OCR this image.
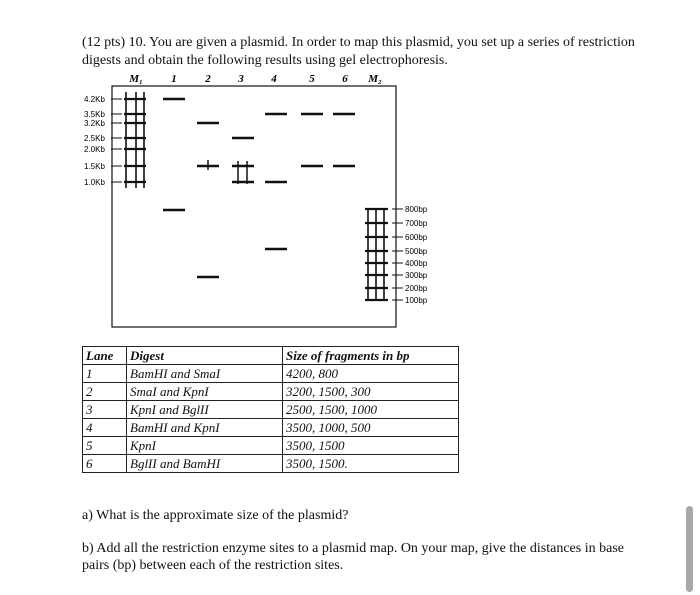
(12 pts) 10. You are given a plasmid. In order to map this plasmid, you set up a series of restriction digests and obtain the following results using gel electrophoresis.

M₁	1	2	3	4	5	6 M₂
4.2Kb
3.5Kb
3.2Kb
2.5Kb
2.0Kb
1.5Kb
1.0Kb
800bp
700bp
600bp
500bp
400bp
300bp
200bp
100bp
Lane	Digest	Size of fragments in bp
1	BamHI and SmaI	4200, 800
2	SmaI and KpnI	3200, 1500, 300
3	KpnI and BglII	2500, 1500, 1000
4	BamHI and KpnI	3500, 1000, 500
5	KpnI	3500, 1500
6	BglII and BamHI	3500, 1500.

a) What is the approximate size of the plasmid?

b) Add all the restriction enzyme sites to a plasmid map. On your map, give the distances in base pairs (bp) between each of the restriction sites.
